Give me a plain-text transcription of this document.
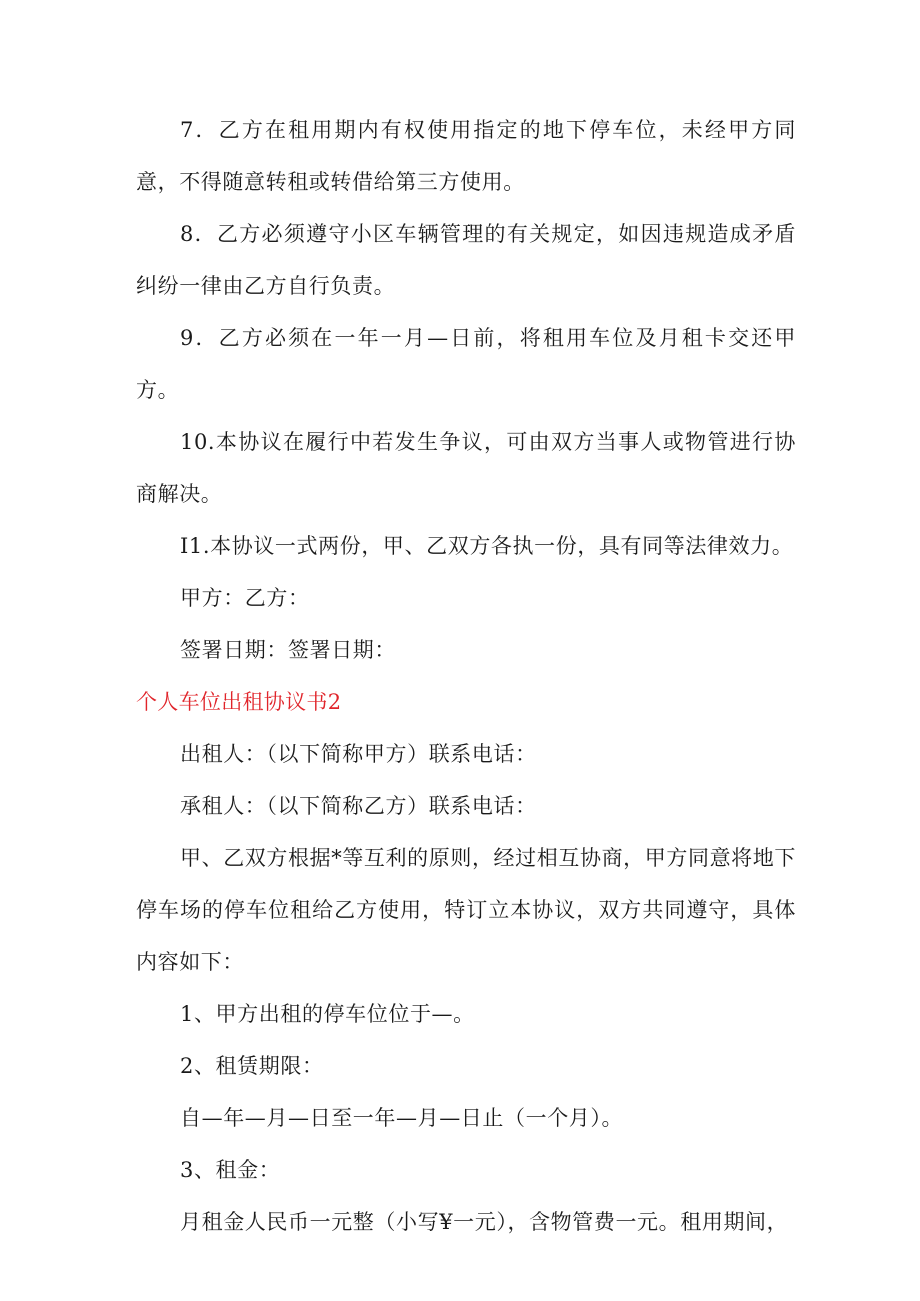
7．乙方在租用期内有权使用指定的地下停车位，未经甲方同意，不得随意转租或转借给第三方使用。

8．乙方必须遵守小区车辆管理的有关规定，如因违规造成矛盾纠纷一律由乙方自行负责。

9．乙方必须在一年一月—日前，将租用车位及月租卡交还甲方。

10.本协议在履行中若发生争议，可由双方当事人或物管进行协商解决。

I1.本协议一式两份，甲、乙双方各执一份，具有同等法律效力。

甲方：乙方：

签署日期：签署日期：

个人车位出租协议书2

出租人：（以下简称甲方）联系电话：

承租人：（以下简称乙方）联系电话：

甲、乙双方根据*等互利的原则，经过相互协商，甲方同意将地下停车场的停车位租给乙方使用，特订立本协议，双方共同遵守，具体内容如下：

1、甲方出租的停车位位于—。

2、租赁期限：

自—年—月—日至一年—月—日止（一个月）。

3、租金：

月租金人民币一元整（小写¥一元），含物管费一元。租用期间，
